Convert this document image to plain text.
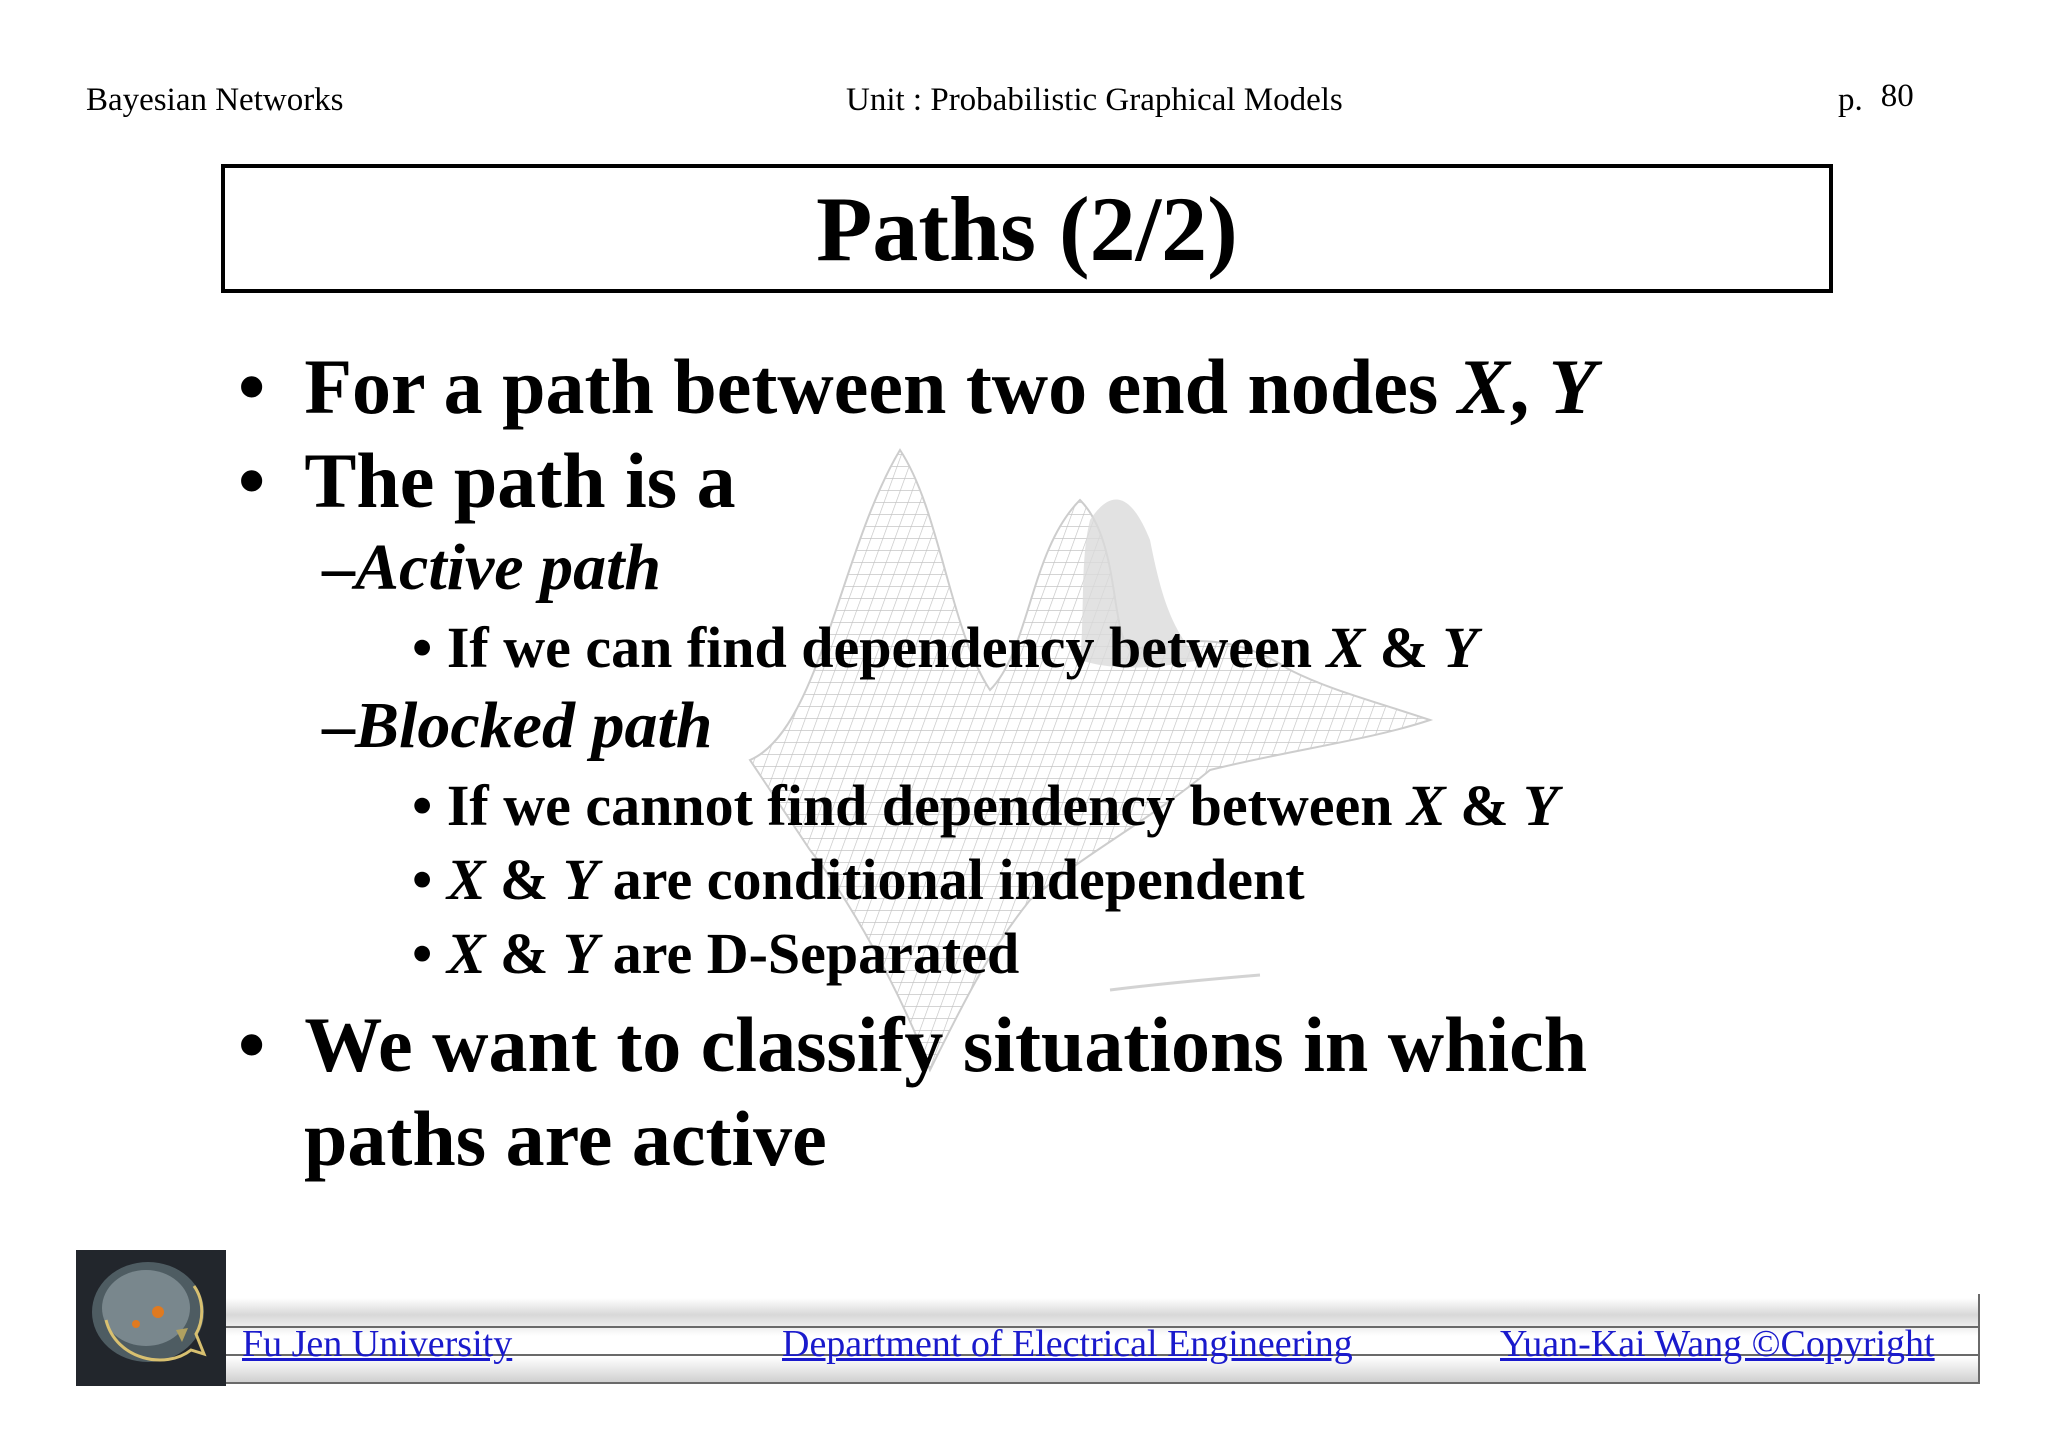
Bayesian Networks	Unit : Probabilistic Graphical Models	p. 80
Paths (2/2)
• For a path between two end nodes X, Y
• The path is a
–Active path
• If we can find dependency between X & Y
–Blocked path
• If we cannot find dependency between X & Y
• X & Y are conditional independent
• X & Y are D-Separated
• We want to classify situations in which
paths are active
Fu Jen University	Department of Electrical Engineering	Yuan-Kai Wang ©Copyright
